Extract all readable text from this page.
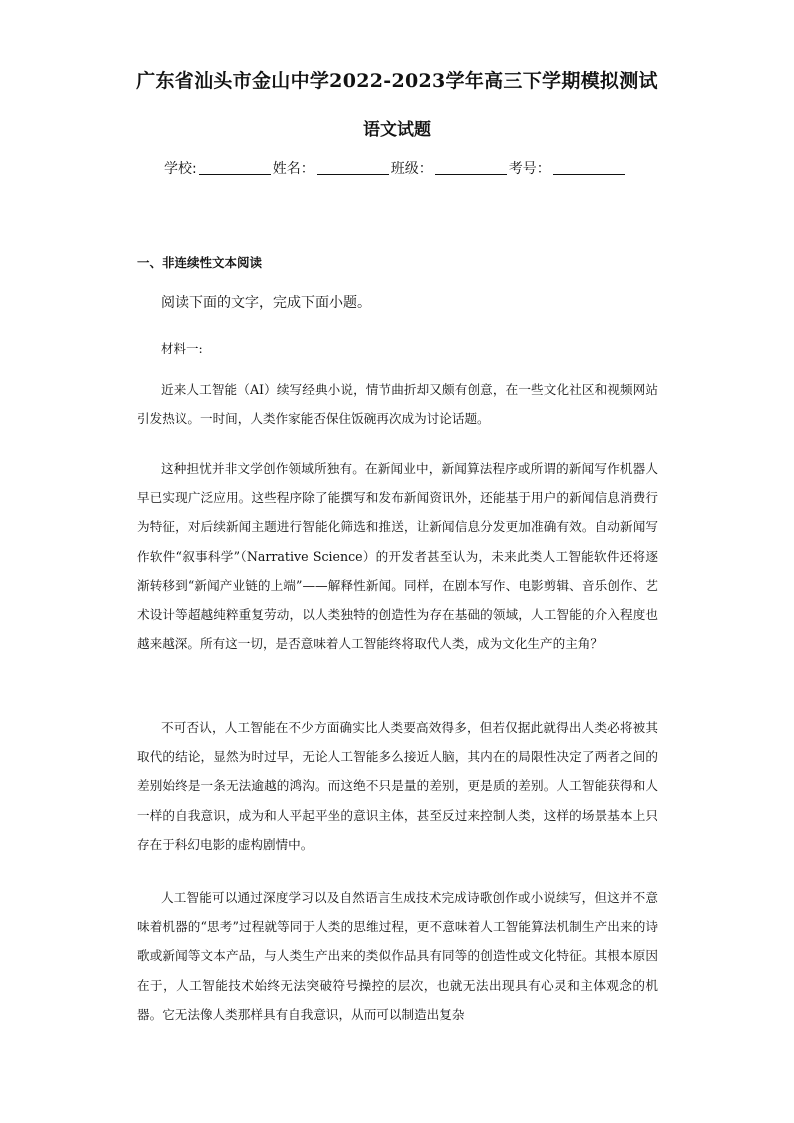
广东省汕头市金山中学2022-2023学年高三下学期模拟测试
语文试题
学校:	姓名：	班级：	考号：
一、非连续性文本阅读
阅读下面的文字，完成下面小题。
材料一:

近来人工智能（AI）续写经典小说，情节曲折却又颇有创意，在一些文化社区和视频网站引发热议。一时间，人类作家能否保住饭碗再次成为讨论话题。

这种担忧并非文学创作领域所独有。在新闻业中，新闻算法程序或所谓的新闻写作机器人早已实现广泛应用。这些程序除了能撰写和发布新闻资讯外，还能基于用户的新闻信息消费行为特征，对后续新闻主题进行智能化筛选和推送，让新闻信息分发更加准确有效。自动新闻写作软件“叙事科学”（Narrative Science）的开发者甚至认为，未来此类人工智能软件还将逐渐转移到“新闻产业链的上端”——解释性新闻。同样，在剧本写作、电影剪辑、音乐创作、艺术设计等超越纯粹重复劳动，以人类独特的创造性为存在基础的领域，人工智能的介入程度也越来越深。所有这一切，是否意味着人工智能终将取代人类，成为文化生产的主角？

不可否认，人工智能在不少方面确实比人类要高效得多，但若仅据此就得出人类必将被其取代的结论，显然为时过早，无论人工智能多么接近人脑，其内在的局限性决定了两者之间的差别始终是一条无法逾越的鸿沟。而这绝不只是量的差别，更是质的差别。人工智能获得和人一样的自我意识，成为和人平起平坐的意识主体，甚至反过来控制人类，这样的场景基本上只存在于科幻电影的虚构剧情中。

人工智能可以通过深度学习以及自然语言生成技术完成诗歌创作或小说续写，但这并不意味着机器的“思考”过程就等同于人类的思维过程，更不意味着人工智能算法机制生产出来的诗歌或新闻等文本产品，与人类生产出来的类似作品具有同等的创造性或文化特征。其根本原因在于，人工智能技术始终无法突破符号操控的层次，也就无法出现具有心灵和主体观念的机器。它无法像人类那样具有自我意识，从而可以制造出复杂
